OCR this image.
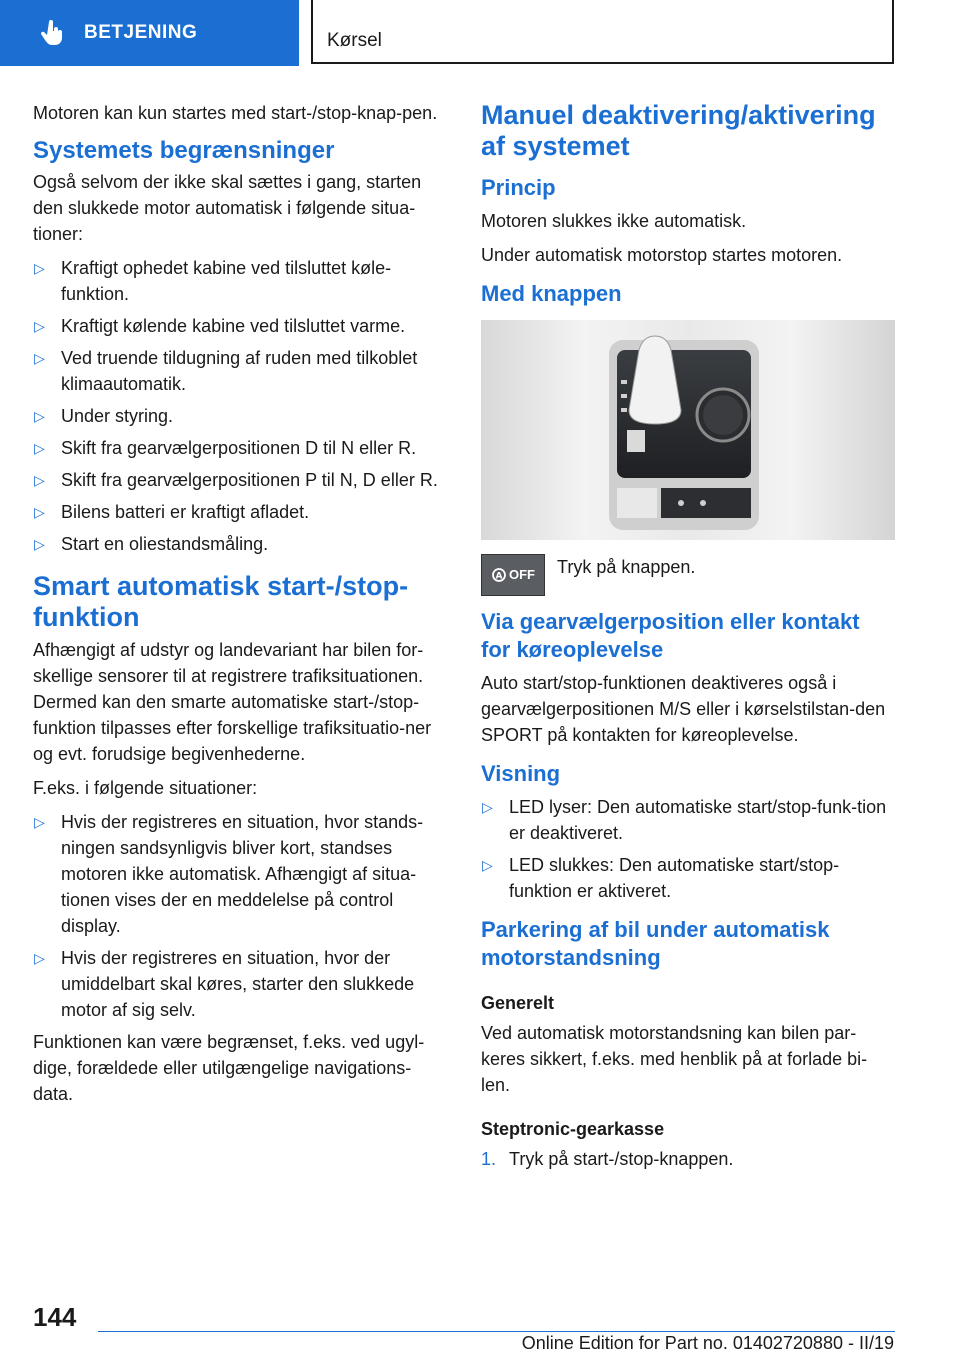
BETJENING	Kørsel

Motoren kan kun startes med start-/stop-knap-pen.

Systemets begrænsninger

Også selvom der ikke skal sættes i gang, starten den slukkede motor automatisk i følgende situa-tioner:

▷ Kraftigt ophedet kabine ved tilsluttet køle-funktion.
▷ Kraftigt kølende kabine ved tilsluttet varme.
▷ Ved truende tildugning af ruden med tilkoblet klimaautomatik.
▷ Under styring.
▷ Skift fra gearvælgerpositionen D til N eller R.
▷ Skift fra gearvælgerpositionen P til N, D eller R.
▷ Bilens batteri er kraftigt afladet.
▷ Start en oliestandsmåling.
Smart automatisk start-/stop-funktion

Afhængigt af udstyr og landevariant har bilen for-skellige sensorer til at registrere trafiksituationen. Dermed kan den smarte automatiske start-/stop-funktion tilpasses efter forskellige trafiksituatio-ner og evt. forudsige begivenhederne.

F.eks. i følgende situationer:

▷ Hvis der registreres en situation, hvor stands-ningen sandsynligvis bliver kort, standses motoren ikke automatisk. Afhængigt af situa-tionen vises der en meddelelse på control display.
▷ Hvis der registreres en situation, hvor der umiddelbart skal køres, starter den slukkede motor af sig selv.

Funktionen kan være begrænset, f.eks. ved ugyl-dige, forældede eller utilgængelige navigations-data.

Manuel deaktivering/aktivering af systemet
Princip

Motoren slukkes ikke automatisk.

Under automatisk motorstop startes motoren.

Med knappen
A OFF Tryk på knappen.
Via gearvælgerposition eller kontakt for køreoplevelse

Auto start/stop-funktionen deaktiveres også i gearvælgerpositionen M/S eller i kørselstilstan-den SPORT på kontakten for køreoplevelse.

Visning
▷ LED lyser: Den automatiske start/stop-funk-tion er deaktiveret.
▷ LED slukkes: Den automatiske start/stop-funktion er aktiveret.
Parkering af bil under automatisk motorstandsning
Generelt

Ved automatisk motorstandsning kan bilen par-keres sikkert, f.eks. med henblik på at forlade bi-len.

Steptronic-gearkasse
1. Tryk på start-/stop-knappen.
144
Online Edition for Part no. 01402720880 - II/19
